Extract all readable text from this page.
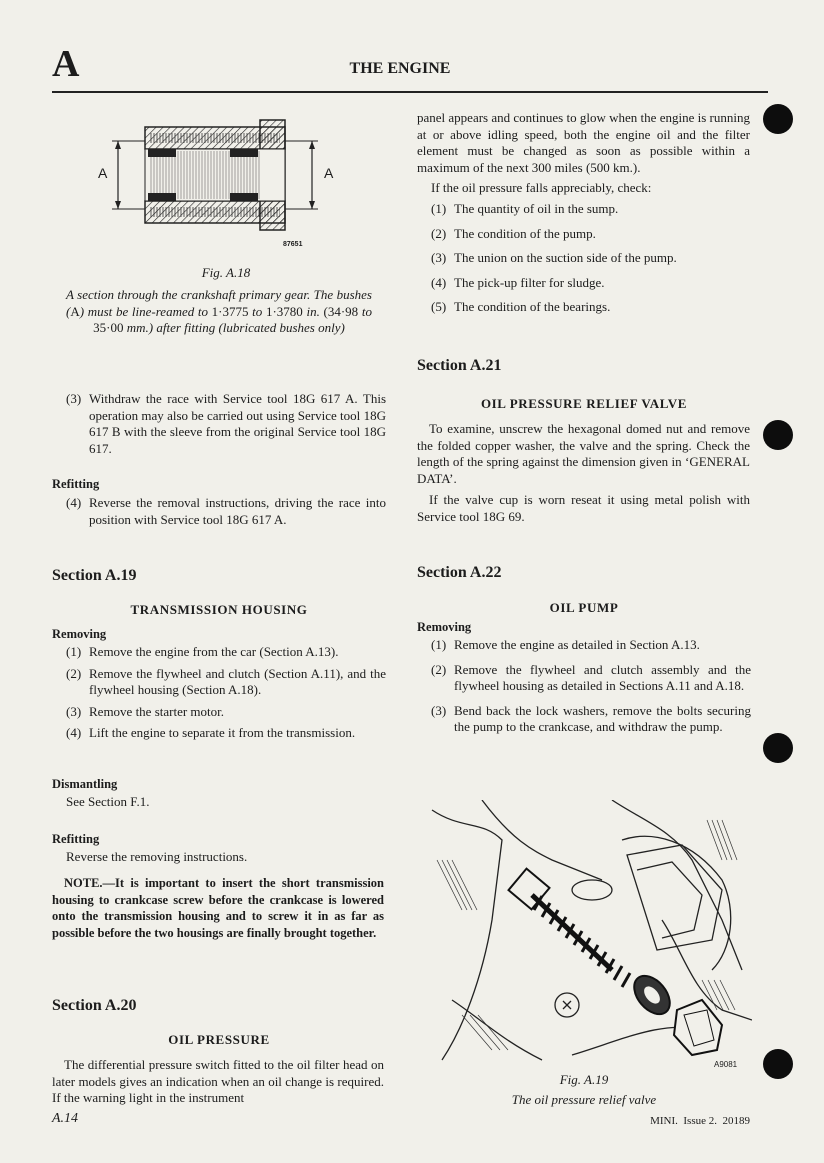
A	THE ENGINE
A	A
87651
Fig. A.18
A section through the crankshaft primary gear. The bushes (A) must be line-reamed to 1·3775 to 1·3780 in. (34·98 to 35·00 mm.) after fitting (lubricated bushes only)
(3) Withdraw the race with Service tool 18G 617 A. This operation may also be carried out using Service tool 18G 617 B with the sleeve from the original Service tool 18G 617.
Refitting
(4) Reverse the removal instructions, driving the race into position with Service tool 18G 617 A.
Section A.19
TRANSMISSION HOUSING
Removing
(1) Remove the engine from the car (Section A.13).
(2) Remove the flywheel and clutch (Section A.11), and the flywheel housing (Section A.18).
(3) Remove the starter motor.
(4) Lift the engine to separate it from the transmission.
Dismantling
See Section F.1.
Refitting
Reverse the removing instructions.
NOTE.—It is important to insert the short transmission housing to crankcase screw before the crankcase is lowered onto the transmission housing and to screw it in as far as possible before the two housings are finally brought together.
Section A.20
OIL PRESSURE
The differential pressure switch fitted to the oil filter head on later models gives an indication when an oil change is required. If the warning light in the instrument
panel appears and continues to glow when the engine is running at or above idling speed, both the engine oil and the filter element must be changed as soon as possible within a maximum of the next 300 miles (500 km.).
If the oil pressure falls appreciably, check:
(1) The quantity of oil in the sump.
(2) The condition of the pump.
(3) The union on the suction side of the pump.
(4) The pick-up filter for sludge.
(5) The condition of the bearings.
Section A.21
OIL PRESSURE RELIEF VALVE
To examine, unscrew the hexagonal domed nut and remove the folded copper washer, the valve and the spring. Check the length of the spring against the dimension given in ‘GENERAL DATA’.
If the valve cup is worn reseat it using metal polish with Service tool 18G 69.
Section A.22
OIL PUMP
Removing
(1) Remove the engine as detailed in Section A.13.
(2) Remove the flywheel and clutch assembly and the flywheel housing as detailed in Sections A.11 and A.18.
(3) Bend back the lock washers, remove the bolts securing the pump to the crankcase, and withdraw the pump.
A9081
Fig. A.19
The oil pressure relief valve
A.14	MINI.  Issue 2.  20189
